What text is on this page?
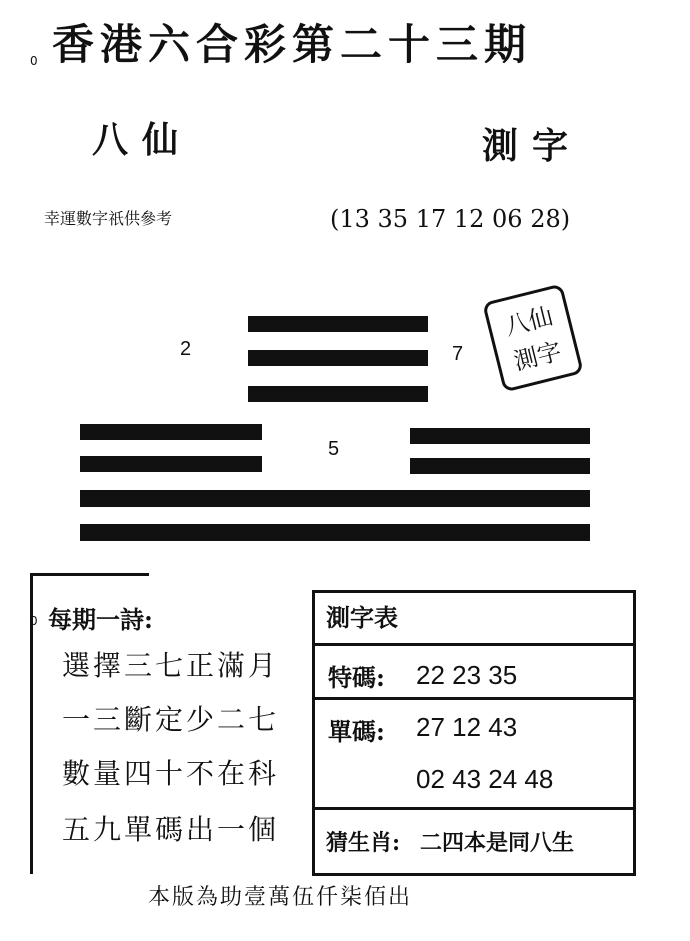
0 香港六合彩第二十三期
八仙	測字
幸運數字祇供參考	(13 35 17 12 06 28)
2	7
5
八仙
測字
0 每期一詩:
選擇三七正滿月
一三斷定少二七
數量四十不在科
五九單碼出一個
測字表
特碼: 22 23 35
單碼: 27 12 43
02 43 24 48
猜生肖: 二四本是同八生
本版為助壹萬伍仟柒佰出
